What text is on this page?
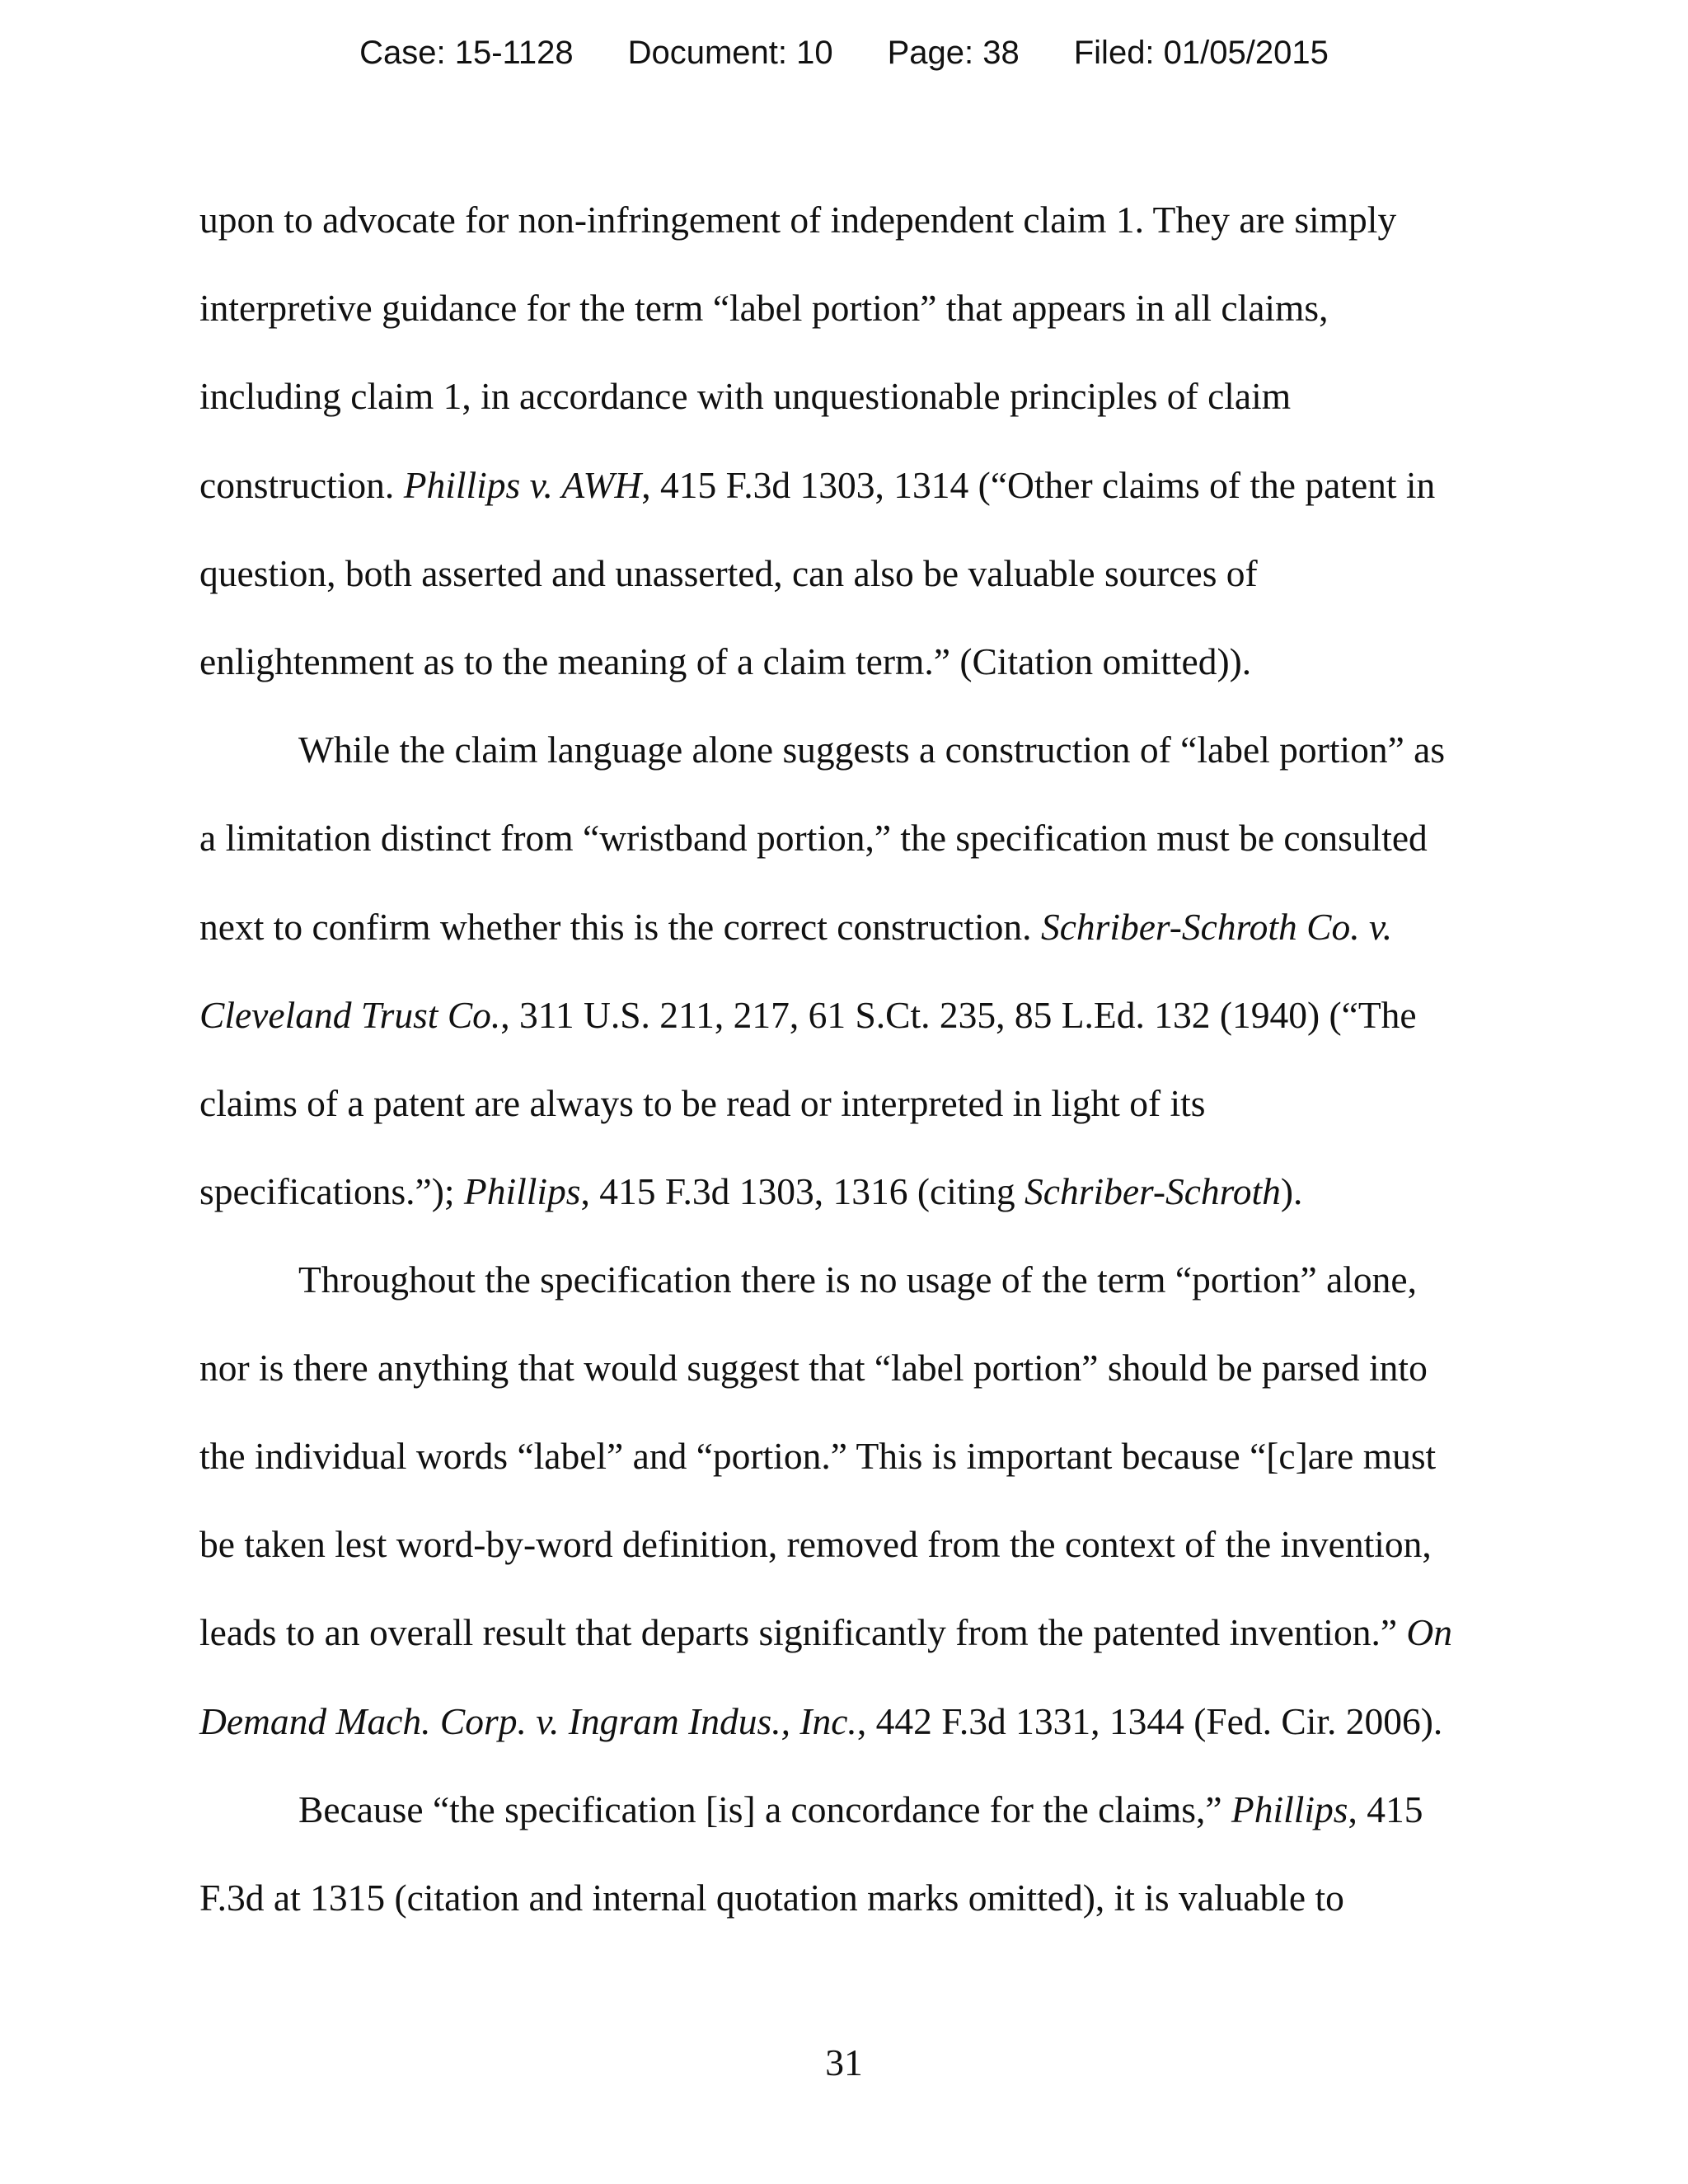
Case: 15-1128 Document: 10 Page: 38 Filed: 01/05/2015
upon to advocate for non-infringement of independent claim 1. They are simply
interpretive guidance for the term “label portion” that appears in all claims,
including claim 1, in accordance with unquestionable principles of claim
construction. Phillips v. AWH, 415 F.3d 1303, 1314 (“Other claims of the patent in
question, both asserted and unasserted, can also be valuable sources of
enlightenment as to the meaning of a claim term.” (Citation omitted)).
While the claim language alone suggests a construction of “label portion” as
a limitation distinct from “wristband portion,” the specification must be consulted
next to confirm whether this is the correct construction. Schriber-Schroth Co. v.
Cleveland Trust Co., 311 U.S. 211, 217, 61 S.Ct. 235, 85 L.Ed. 132 (1940) (“The
claims of a patent are always to be read or interpreted in light of its
specifications.”); Phillips, 415 F.3d 1303, 1316 (citing Schriber-Schroth).
Throughout the specification there is no usage of the term “portion” alone,
nor is there anything that would suggest that “label portion” should be parsed into
the individual words “label” and “portion.” This is important because “[c]are must
be taken lest word-by-word definition, removed from the context of the invention,
leads to an overall result that departs significantly from the patented invention.” On
Demand Mach. Corp. v. Ingram Indus., Inc., 442 F.3d 1331, 1344 (Fed. Cir. 2006).
Because “the specification [is] a concordance for the claims,” Phillips, 415
F.3d at 1315 (citation and internal quotation marks omitted), it is valuable to
31
